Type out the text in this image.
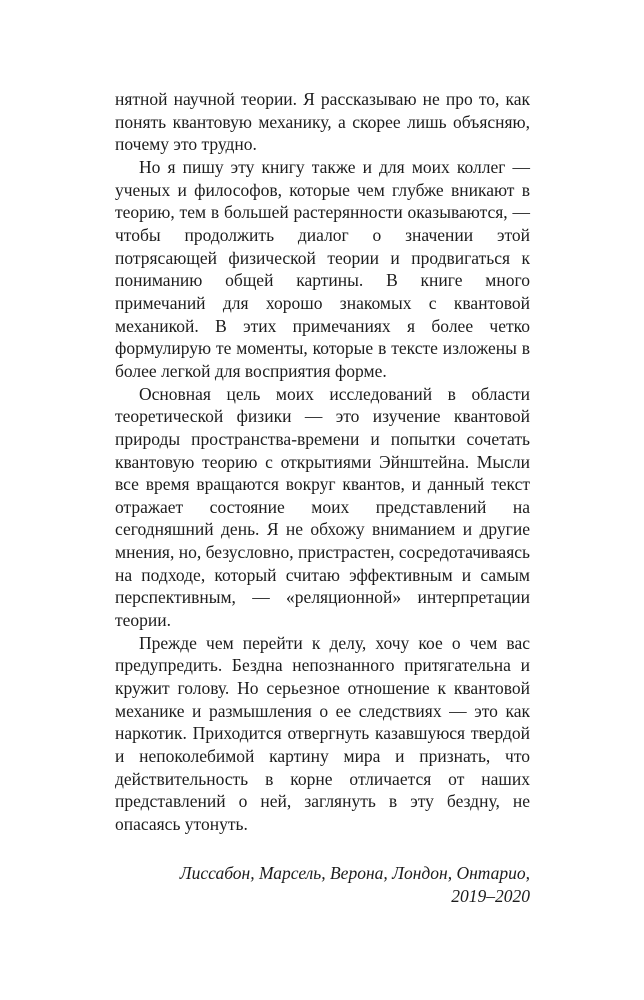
нятной научной теории. Я рассказываю не про то, как понять квантовую механику, а скорее лишь объясняю, почему это трудно.

Но я пишу эту книгу также и для моих коллег — ученых и философов, которые чем глубже вникают в теорию, тем в большей растерянности оказываются, — чтобы продолжить диалог о значении этой потрясающей физической теории и продвигаться к пониманию общей картины. В книге много примечаний для хорошо знакомых с квантовой механикой. В этих примечаниях я более четко формулирую те моменты, которые в тексте изложены в более легкой для восприятия форме.

Основная цель моих исследований в области теоретической физики — это изучение квантовой природы пространства-времени и попытки сочетать квантовую теорию с открытиями Эйнштейна. Мысли все время вращаются вокруг квантов, и данный текст отражает состояние моих представлений на сегодняшний день. Я не обхожу вниманием и другие мнения, но, безусловно, пристрастен, сосредотачиваясь на подходе, который считаю эффективным и самым перспективным, — «реляционной» интерпретации теории.

Прежде чем перейти к делу, хочу кое о чем вас предупредить. Бездна непознанного притягательна и кружит голову. Но серьезное отношение к квантовой механике и размышления о ее следствиях — это как наркотик. Приходится отвергнуть казавшуюся твердой и непоколебимой картину мира и признать, что действительность в корне отличается от наших представлений о ней, заглянуть в эту бездну, не опасаясь утонуть.

Лиссабон, Марсель, Верона, Лондон, Онтарио,
2019–2020
